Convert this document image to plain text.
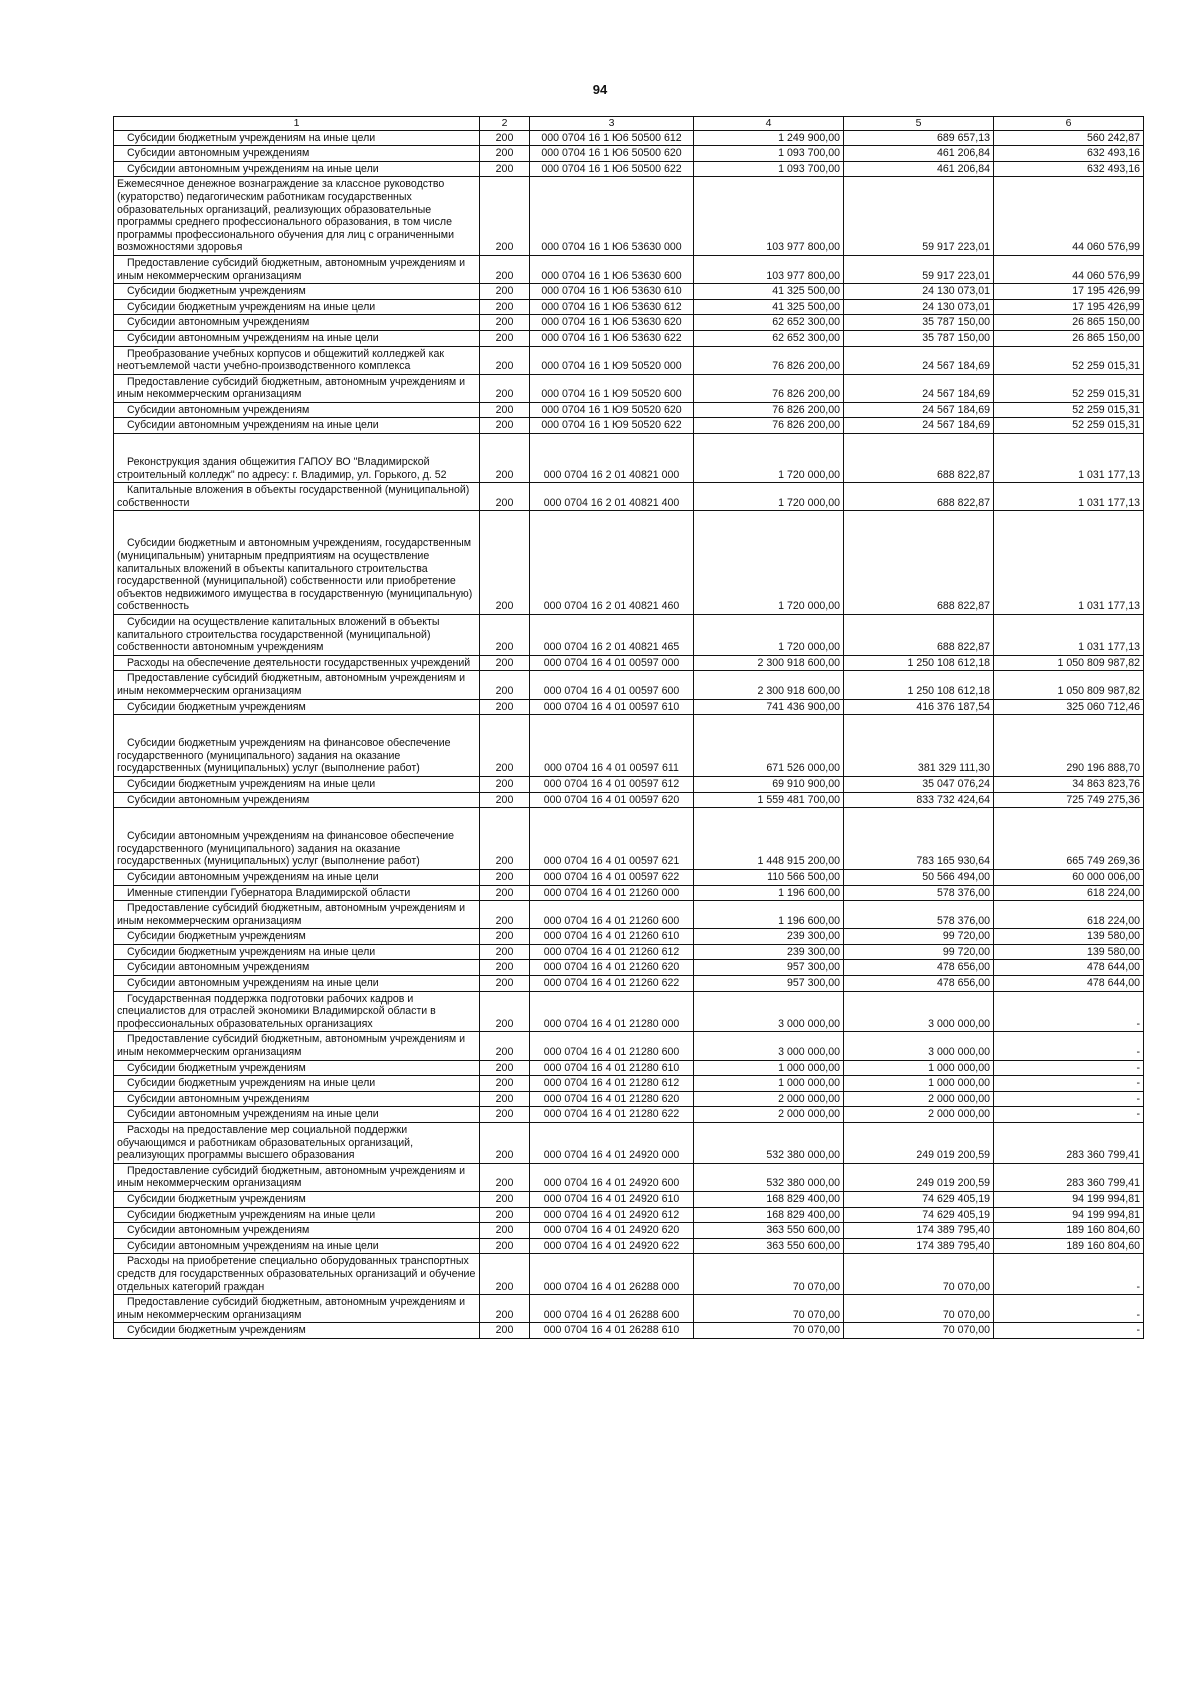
94
1	2	3	4	5	6
Субсидии бюджетным учреждениям на иные цели	200	000 0704 16 1 Ю6 50500 612	1 249 900,00	689 657,13	560 242,87
Субсидии автономным учреждениям	200	000 0704 16 1 Ю6 50500 620	1 093 700,00	461 206,84	632 493,16
Субсидии автономным учреждениям на иные цели	200	000 0704 16 1 Ю6 50500 622	1 093 700,00	461 206,84	632 493,16
Ежемесячное денежное вознаграждение за классное руководство (кураторство) педагогическим работникам государственных образовательных организаций, реализующих образовательные программы среднего профессионального образования, в том числе программы профессионального обучения для лиц с ограниченными возможностями здоровья	200	000 0704 16 1 Ю6 53630 000	103 977 800,00	59 917 223,01	44 060 576,99
Предоставление субсидий бюджетным, автономным учреждениям и иным некоммерческим организациям	200	000 0704 16 1 Ю6 53630 600	103 977 800,00	59 917 223,01	44 060 576,99
Субсидии бюджетным учреждениям	200	000 0704 16 1 Ю6 53630 610	41 325 500,00	24 130 073,01	17 195 426,99
Субсидии бюджетным учреждениям на иные цели	200	000 0704 16 1 Ю6 53630 612	41 325 500,00	24 130 073,01	17 195 426,99
Субсидии автономным учреждениям	200	000 0704 16 1 Ю6 53630 620	62 652 300,00	35 787 150,00	26 865 150,00
Субсидии автономным учреждениям на иные цели	200	000 0704 16 1 Ю6 53630 622	62 652 300,00	35 787 150,00	26 865 150,00
Преобразование учебных корпусов и общежитий колледжей как неотъемлемой части учебно-производственного комплекса	200	000 0704 16 1 Ю9 50520 000	76 826 200,00	24 567 184,69	52 259 015,31
Предоставление субсидий бюджетным, автономным учреждениям и иным некоммерческим организациям	200	000 0704 16 1 Ю9 50520 600	76 826 200,00	24 567 184,69	52 259 015,31
Субсидии автономным учреждениям	200	000 0704 16 1 Ю9 50520 620	76 826 200,00	24 567 184,69	52 259 015,31
Субсидии автономным учреждениям на иные цели	200	000 0704 16 1 Ю9 50520 622	76 826 200,00	24 567 184,69	52 259 015,31
Реконструкция здания общежития ГАПОУ ВО "Владимирской строительный колледж" по адресу: г. Владимир, ул. Горького, д. 52	200	000 0704 16 2 01 40821 000	1 720 000,00	688 822,87	1 031 177,13
Капитальные вложения в объекты государственной (муниципальной) собственности	200	000 0704 16 2 01 40821 400	1 720 000,00	688 822,87	1 031 177,13
Субсидии бюджетным и автономным учреждениям, государственным (муниципальным) унитарным предприятиям на осуществление капитальных вложений в объекты капитального строительства государственной (муниципальной) собственности или приобретение объектов недвижимого имущества в государственную (муниципальную) собственность	200	000 0704 16 2 01 40821 460	1 720 000,00	688 822,87	1 031 177,13
Субсидии на осуществление капитальных вложений в объекты капитального строительства государственной (муниципальной) собственности автономным учреждениям	200	000 0704 16 2 01 40821 465	1 720 000,00	688 822,87	1 031 177,13
Расходы на обеспечение деятельности государственных учреждений	200	000 0704 16 4 01 00597 000	2 300 918 600,00	1 250 108 612,18	1 050 809 987,82
Предоставление субсидий бюджетным, автономным учреждениям и иным некоммерческим организациям	200	000 0704 16 4 01 00597 600	2 300 918 600,00	1 250 108 612,18	1 050 809 987,82
Субсидии бюджетным учреждениям	200	000 0704 16 4 01 00597 610	741 436 900,00	416 376 187,54	325 060 712,46
Субсидии бюджетным учреждениям на финансовое обеспечение государственного (муниципального) задания на оказание государственных (муниципальных) услуг (выполнение работ)	200	000 0704 16 4 01 00597 611	671 526 000,00	381 329 111,30	290 196 888,70
Субсидии бюджетным учреждениям на иные цели	200	000 0704 16 4 01 00597 612	69 910 900,00	35 047 076,24	34 863 823,76
Субсидии автономным учреждениям	200	000 0704 16 4 01 00597 620	1 559 481 700,00	833 732 424,64	725 749 275,36
Субсидии автономным учреждениям на финансовое обеспечение государственного (муниципального) задания на оказание государственных (муниципальных) услуг (выполнение работ)	200	000 0704 16 4 01 00597 621	1 448 915 200,00	783 165 930,64	665 749 269,36
Субсидии автономным учреждениям на иные цели	200	000 0704 16 4 01 00597 622	110 566 500,00	50 566 494,00	60 000 006,00
Именные стипендии Губернатора Владимирской области	200	000 0704 16 4 01 21260 000	1 196 600,00	578 376,00	618 224,00
Предоставление субсидий бюджетным, автономным учреждениям и иным некоммерческим организациям	200	000 0704 16 4 01 21260 600	1 196 600,00	578 376,00	618 224,00
Субсидии бюджетным учреждениям	200	000 0704 16 4 01 21260 610	239 300,00	99 720,00	139 580,00
Субсидии бюджетным учреждениям на иные цели	200	000 0704 16 4 01 21260 612	239 300,00	99 720,00	139 580,00
Субсидии автономным учреждениям	200	000 0704 16 4 01 21260 620	957 300,00	478 656,00	478 644,00
Субсидии автономным учреждениям на иные цели	200	000 0704 16 4 01 21260 622	957 300,00	478 656,00	478 644,00
Государственная поддержка подготовки рабочих кадров и специалистов для отраслей экономики Владимирской области в профессиональных образовательных организациях	200	000 0704 16 4 01 21280 000	3 000 000,00	3 000 000,00	-
Предоставление субсидий бюджетным, автономным учреждениям и иным некоммерческим организациям	200	000 0704 16 4 01 21280 600	3 000 000,00	3 000 000,00	-
Субсидии бюджетным учреждениям	200	000 0704 16 4 01 21280 610	1 000 000,00	1 000 000,00	-
Субсидии бюджетным учреждениям на иные цели	200	000 0704 16 4 01 21280 612	1 000 000,00	1 000 000,00	-
Субсидии автономным учреждениям	200	000 0704 16 4 01 21280 620	2 000 000,00	2 000 000,00	-
Субсидии автономным учреждениям на иные цели	200	000 0704 16 4 01 21280 622	2 000 000,00	2 000 000,00	-
Расходы на предоставление мер социальной поддержки обучающимся и работникам образовательных организаций, реализующих программы высшего образования	200	000 0704 16 4 01 24920 000	532 380 000,00	249 019 200,59	283 360 799,41
Предоставление субсидий бюджетным, автономным учреждениям и иным некоммерческим организациям	200	000 0704 16 4 01 24920 600	532 380 000,00	249 019 200,59	283 360 799,41
Субсидии бюджетным учреждениям	200	000 0704 16 4 01 24920 610	168 829 400,00	74 629 405,19	94 199 994,81
Субсидии бюджетным учреждениям на иные цели	200	000 0704 16 4 01 24920 612	168 829 400,00	74 629 405,19	94 199 994,81
Субсидии автономным учреждениям	200	000 0704 16 4 01 24920 620	363 550 600,00	174 389 795,40	189 160 804,60
Субсидии автономным учреждениям на иные цели	200	000 0704 16 4 01 24920 622	363 550 600,00	174 389 795,40	189 160 804,60
Расходы на приобретение специально оборудованных транспортных средств для государственных образовательных организаций и обучение отдельных категорий граждан	200	000 0704 16 4 01 26288 000	70 070,00	70 070,00	-
Предоставление субсидий бюджетным, автономным учреждениям и иным некоммерческим организациям	200	000 0704 16 4 01 26288 600	70 070,00	70 070,00	-
Субсидии бюджетным учреждениям	200	000 0704 16 4 01 26288 610	70 070,00	70 070,00	-
